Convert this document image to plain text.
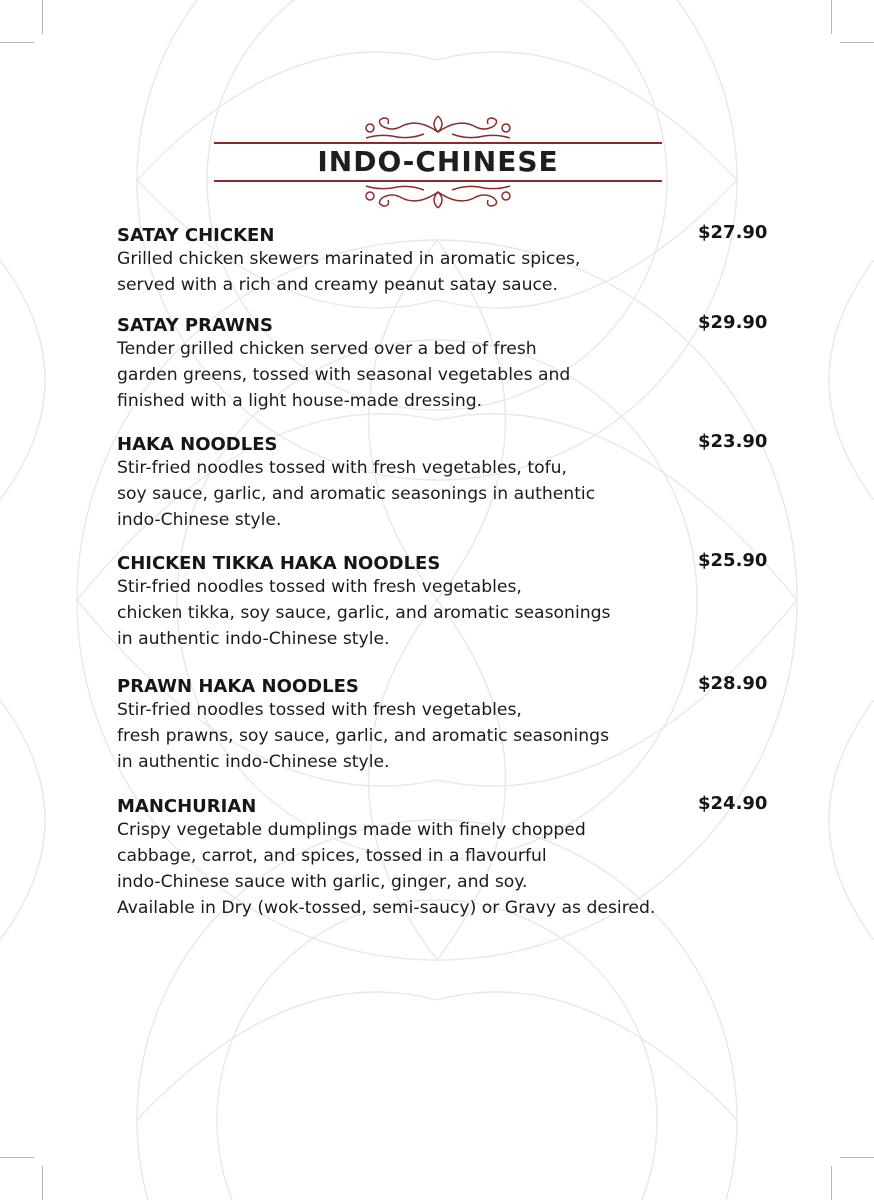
INDO-CHINESE
SATAY CHICKEN	$27.90
Grilled chicken skewers marinated in aromatic spices,
served with a rich and creamy peanut satay sauce.
SATAY PRAWNS	$29.90
Tender grilled chicken served over a bed of fresh
garden greens, tossed with seasonal vegetables and
finished with a light house-made dressing.
HAKA NOODLES	$23.90
Stir-fried noodles tossed with fresh vegetables, tofu,
soy sauce, garlic, and aromatic seasonings in authentic
indo-Chinese style.
CHICKEN TIKKA HAKA NOODLES	$25.90
Stir-fried noodles tossed with fresh vegetables,
chicken tikka, soy sauce, garlic, and aromatic seasonings
in authentic indo-Chinese style.
PRAWN HAKA NOODLES	$28.90
Stir-fried noodles tossed with fresh vegetables,
fresh prawns, soy sauce, garlic, and aromatic seasonings
in authentic indo-Chinese style.
MANCHURIAN	$24.90
Crispy vegetable dumplings made with finely chopped
cabbage, carrot, and spices, tossed in a flavourful
indo-Chinese sauce with garlic, ginger, and soy.
Available in Dry (wok-tossed, semi-saucy) or Gravy as desired.
